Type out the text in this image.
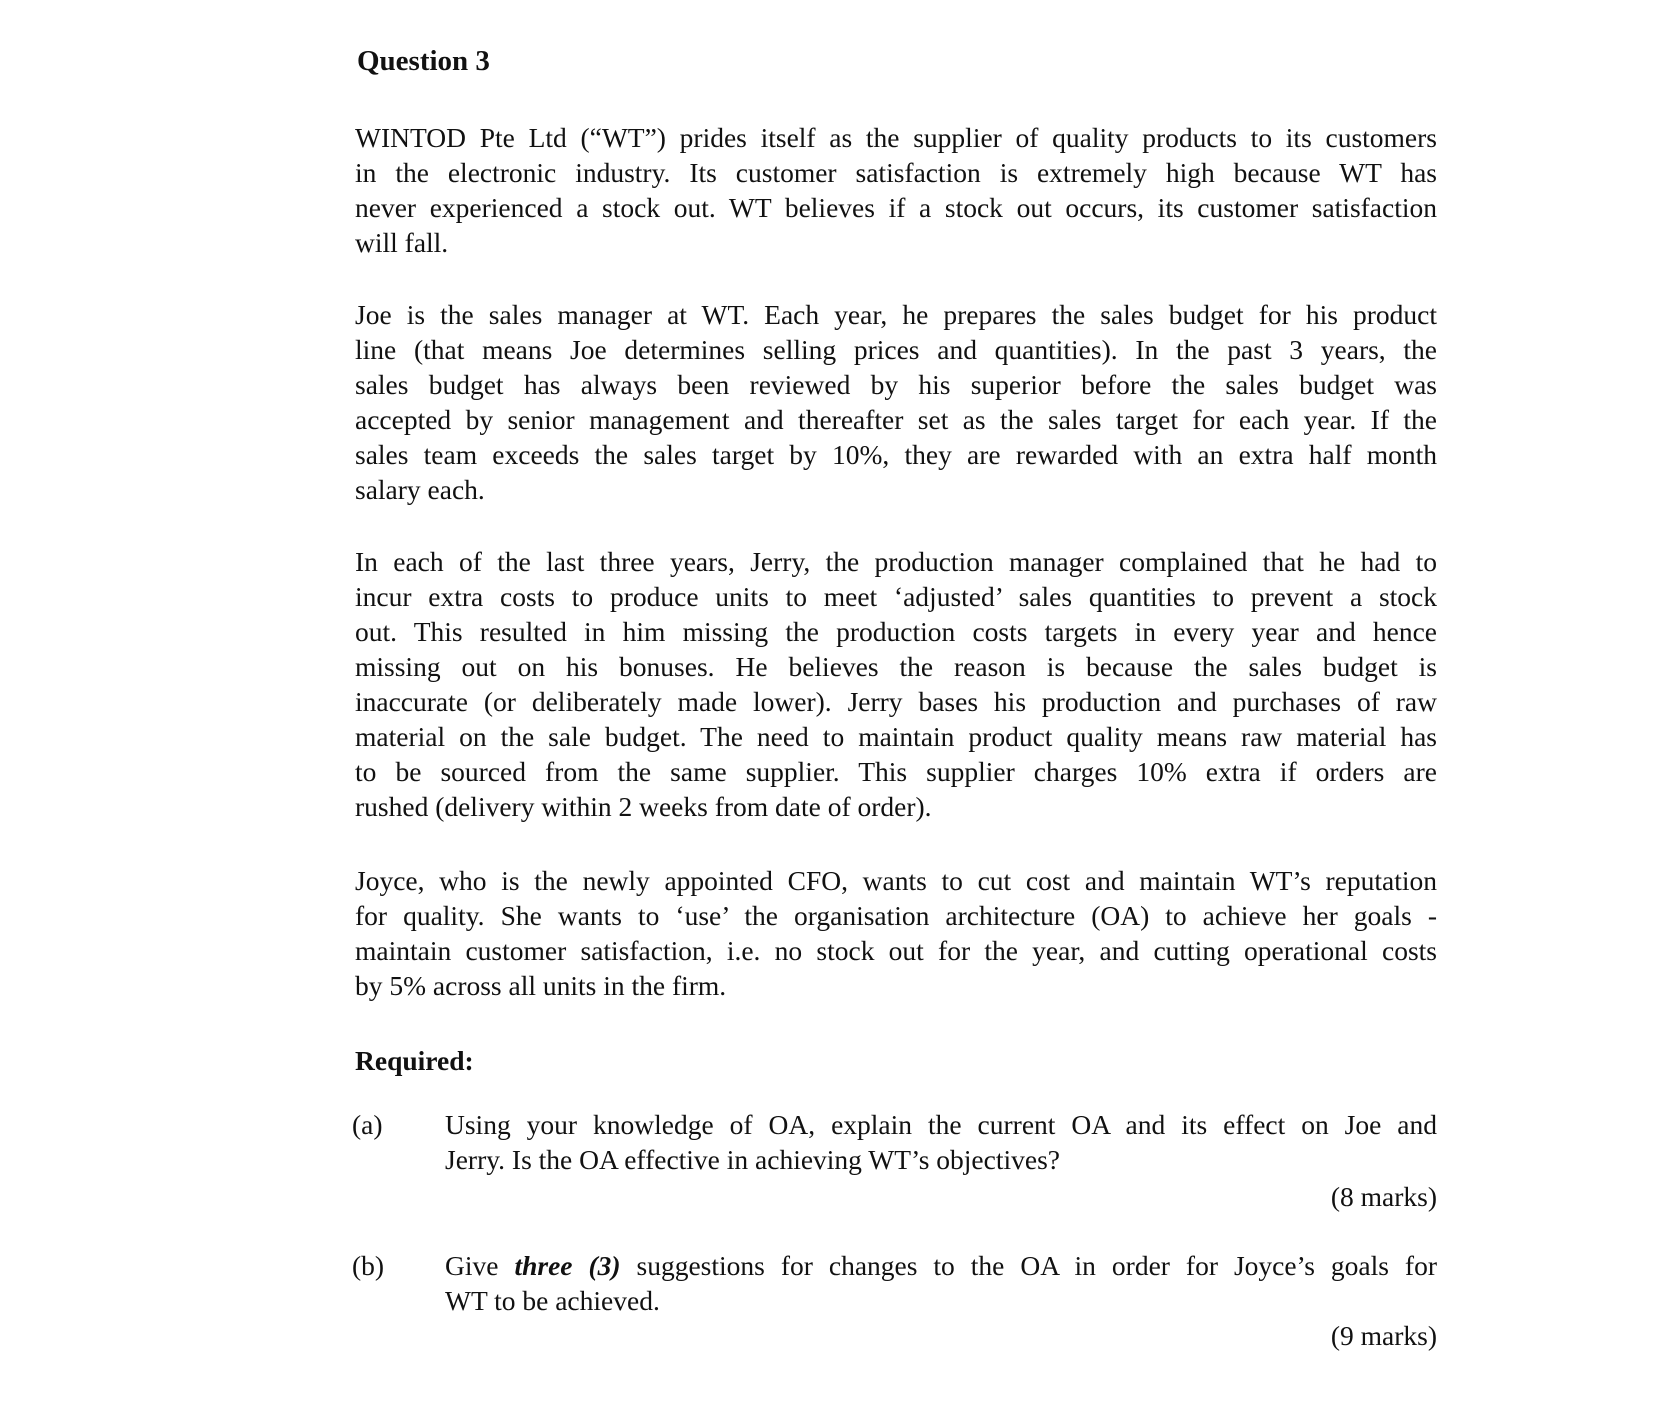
Question 3

WINTOD Pte Ltd (“WT”) prides itself as the supplier of quality products to its customers
in the electronic industry. Its customer satisfaction is extremely high because WT has
never experienced a stock out. WT believes if a stock out occurs, its customer satisfaction
will fall.

Joe is the sales manager at WT. Each year, he prepares the sales budget for his product
line (that means Joe determines selling prices and quantities). In the past 3 years, the
sales budget has always been reviewed by his superior before the sales budget was
accepted by senior management and thereafter set as the sales target for each year. If the
sales team exceeds the sales target by 10%, they are rewarded with an extra half month
salary each.

In each of the last three years, Jerry, the production manager complained that he had to
incur extra costs to produce units to meet ‘adjusted’ sales quantities to prevent a stock
out. This resulted in him missing the production costs targets in every year and hence
missing out on his bonuses. He believes the reason is because the sales budget is
inaccurate (or deliberately made lower). Jerry bases his production and purchases of raw
material on the sale budget. The need to maintain product quality means raw material has
to be sourced from the same supplier. This supplier charges 10% extra if orders are
rushed (delivery within 2 weeks from date of order).

Joyce, who is the newly appointed CFO, wants to cut cost and maintain WT’s reputation
for quality. She wants to ‘use’ the organisation architecture (OA) to achieve her goals -
maintain customer satisfaction, i.e. no stock out for the year, and cutting operational costs
by 5% across all units in the firm.

Required:

(a) Using your knowledge of OA, explain the current OA and its effect on Joe and
Jerry. Is the OA effective in achieving WT’s objectives?

(8 marks)

(b) Give three (3) suggestions for changes to the OA in order for Joyce’s goals for
WT to be achieved.

(9 marks)
